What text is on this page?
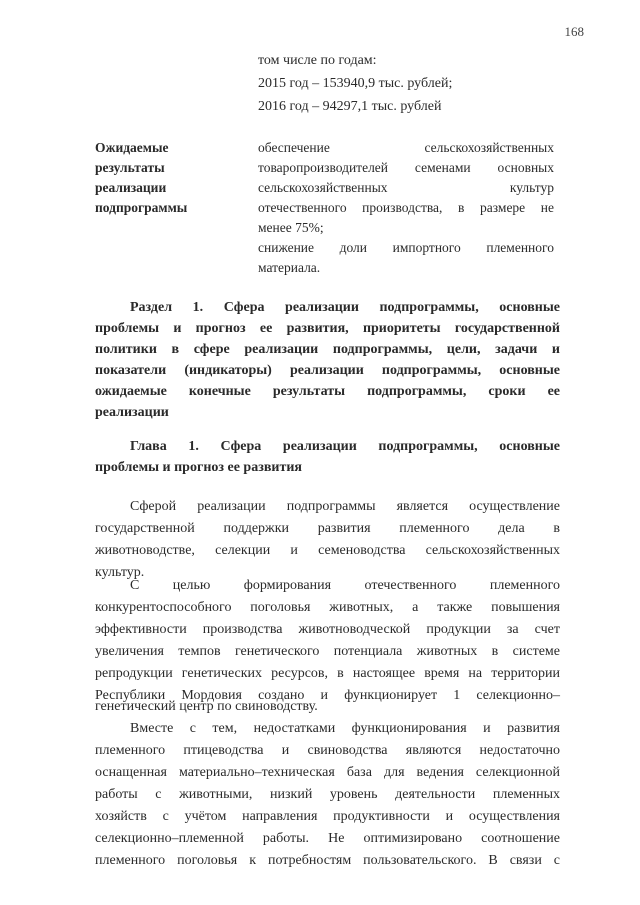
168
том числе по годам:
2015 год – 153940,9 тыс. рублей;
2016 год – 94297,1 тыс. рублей
Ожидаемые
результаты
реализации
подпрограммы
обеспечение сельскохозяйственных
товаропроизводителей семенами основных
сельскохозяйственных культур
отечественного производства, в размере не
менее 75%;
снижение доли импортного племенного
материала.
Раздел 1. Сфера реализации подпрограммы, основные
проблемы и прогноз ее развития, приоритеты государственной
политики в сфере реализации подпрограммы, цели, задачи и
показатели (индикаторы) реализации подпрограммы, основные
ожидаемые конечные результаты подпрограммы, сроки ее
реализации
Глава 1. Сфера реализации подпрограммы, основные
проблемы и прогноз ее развития
Сферой реализации подпрограммы является осуществление
государственной поддержки развития племенного дела в
животноводстве, селекции и семеноводства сельскохозяйственных
культур.
С целью формирования отечественного племенного
конкурентоспособного поголовья животных, а также повышения
эффективности производства животноводческой продукции за счет
увеличения темпов генетического потенциала животных в системе
репродукции генетических ресурсов, в настоящее время на территории
Республики Мордовия создано и функционирует 1 селекционно–
генетический центр по свиноводству.
Вместе с тем, недостатками функционирования и развития
племенного птицеводства и свиноводства являются недостаточно
оснащенная материально–техническая база для ведения селекционной
работы с животными, низкий уровень деятельности племенных
хозяйств с учётом направления продуктивности и осуществления
селекционно–племенной работы. Не оптимизировано соотношение
племенного поголовья к потребностям пользовательского. В связи с
